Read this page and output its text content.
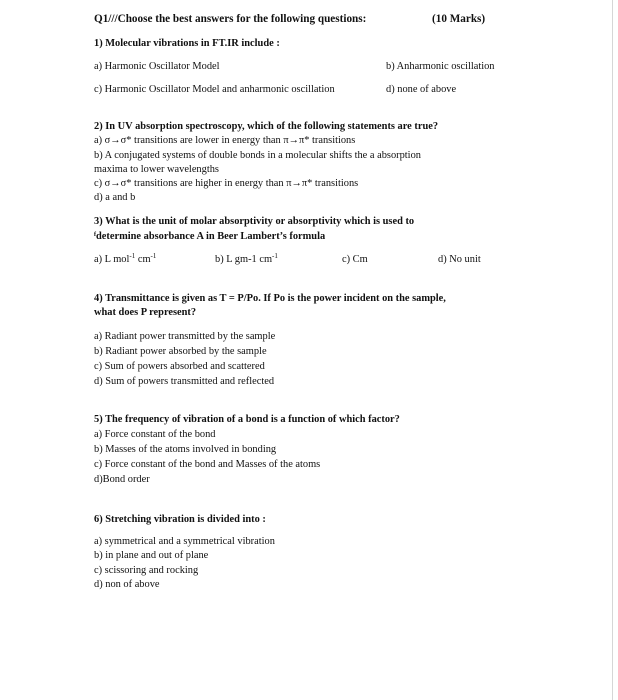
Q1///Choose the best answers for the following questions:	(10 Marks)
1) Molecular vibrations in FT.IR include :
a) Harmonic Oscillator Model	b) Anharmonic oscillation
c) Harmonic Oscillator Model and anharmonic oscillation	d) none of above
2) In UV absorption spectroscopy, which of the following statements are true?
a) σ→σ* transitions are lower in energy than π→π* transitions
b) A conjugated systems of double bonds in a molecular shifts the a absorption
maxima to lower wavelengths
c) σ→σ* transitions are higher in energy than π→π* transitions
d) a and b
3) What is the unit of molar absorptivity or absorptivity which is used to
ᶠdetermine absorbance A in Beer Lambert’s formula
a) L mol$^{-1}$ $cm^{-1}$	b) L gm-1 $cm^{-1}$	c) Cm	d) No unit
4) Transmittance is given as T = P/Po. If Po is the power incident on the sample,
what does P represent?
a) Radiant power transmitted by the sample
b) Radiant power absorbed by the sample
c) Sum of powers absorbed and scattered
d) Sum of powers transmitted and reflected
5) The frequency of vibration of a bond is a function of which factor?
a) Force constant of the bond
b) Masses of the atoms involved in bonding
c) Force constant of the bond and Masses of the atoms
d)Bond order
6) Stretching vibration is divided into :
a) symmetrical and a symmetrical vibration
b) in plane and out of plane
c) scissoring and rocking
d) non of above
